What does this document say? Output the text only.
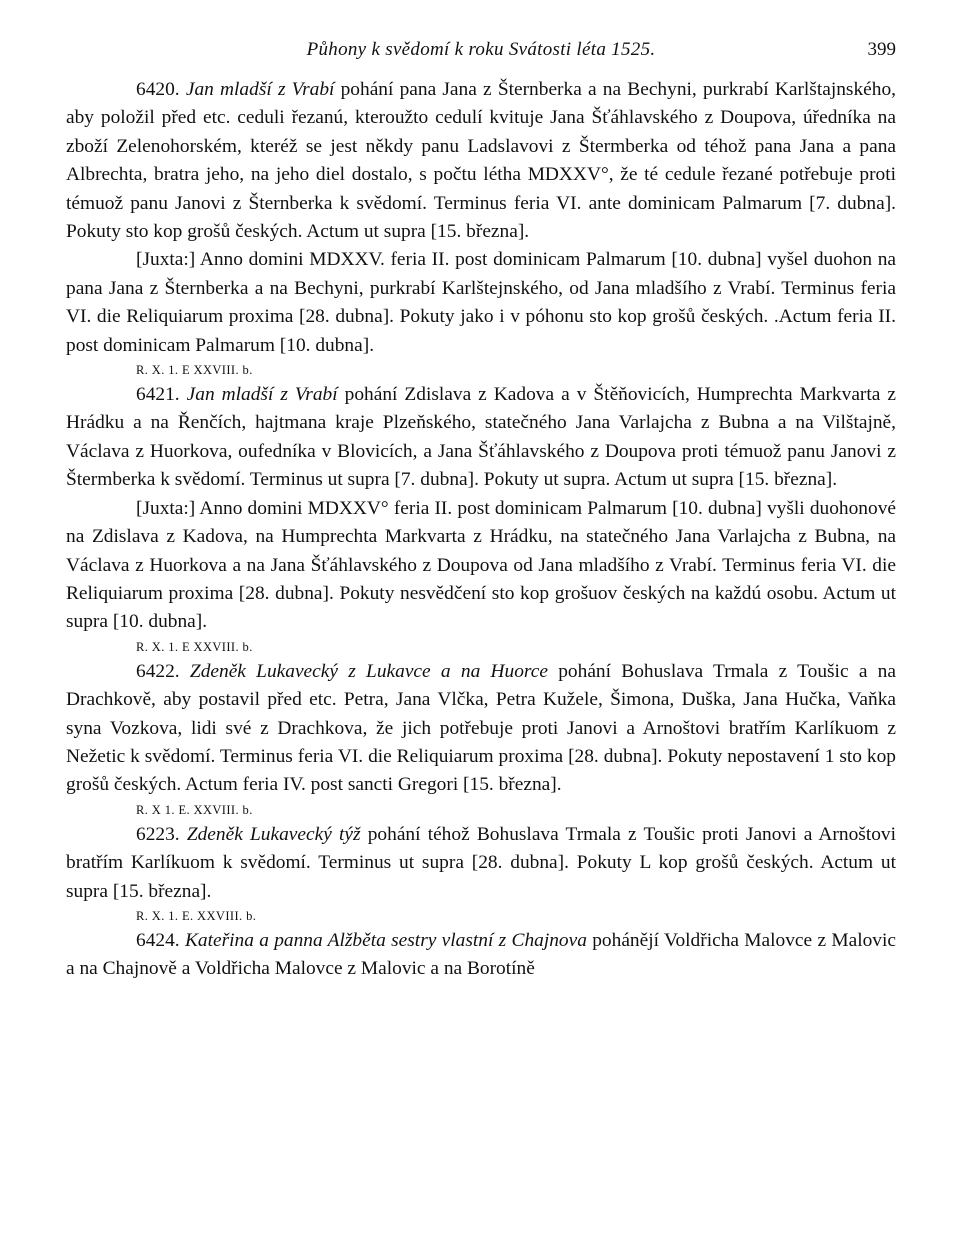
Půhony k svědomí k roku Svátosti léta 1525.	399

6420. Jan mladší z Vrabí pohání pana Jana z Šternberka a na Bechyni, purkrabí Karlštajnského, aby položil před etc. ceduli řezanú, kteroužto cedulí kvituje Jana Šťáhlavského z Doupova, úředníka na zboží Zelenohorském, kteréž se jest někdy panu Ladslavovi z Štermberka od téhož pana Jana a pana Albrechta, bratra jeho, na jeho diel dostalo, s počtu létha MDXXV°, že té cedule řezané potřebuje proti témuož panu Janovi z Šternberka k svědomí. Terminus feria VI. ante dominicam Palmarum [7. dubna]. Pokuty sto kop grošů českých. Actum ut supra [15. března].

[Juxta:] Anno domini MDXXV. feria II. post dominicam Palmarum [10. dubna] vyšel duohon na pana Jana z Šternberka a na Bechyni, purkrabí Karlštejnského, od Jana mladšího z Vrabí. Terminus feria VI. die Reliquiarum proxima [28. dubna]. Pokuty jako i v póhonu sto kop grošů českých. .Actum feria II. post dominicam Palmarum [10. dubna].

R. X. 1. E XXVIII. b.

6421. Jan mladší z Vrabí pohání Zdislava z Kadova a v Štěňovicích, Humprechta Markvarta z Hrádku a na Řenčích, hajtmana kraje Plzeňského, statečného Jana Varlajcha z Bubna a na Vilštajně, Václava z Huorkova, oufedníka v Blovicích, a Jana Šťáhlavského z Doupova proti témuož panu Janovi z Štermberka k svědomí. Terminus ut supra [7. dubna]. Pokuty ut supra. Actum ut supra [15. března].

[Juxta:] Anno domini MDXXV° feria II. post dominicam Palmarum [10. dubna] vyšli duohonové na Zdislava z Kadova, na Humprechta Markvarta z Hrádku, na statečného Jana Varlajcha z Bubna, na Václava z Huorkova a na Jana Šťáhlavského z Doupova od Jana mladšího z Vrabí. Terminus feria VI. die Reliquiarum proxima [28. dubna]. Pokuty nesvědčení sto kop grošuov českých na každú osobu. Actum ut supra [10. dubna].

R. X. 1. E XXVIII. b.

6422. Zdeněk Lukavecký z Lukavce a na Huorce pohání Bohuslava Trmala z Toušic a na Drachkově, aby postavil před etc. Petra, Jana Vlčka, Petra Kužele, Šimona, Duška, Jana Hučka, Vaňka syna Vozkova, lidi své z Drachkova, že jich potřebuje proti Janovi a Arnoštovi bratřím Karlíkuom z Nežetic k svědomí. Terminus feria VI. die Reliquiarum proxima [28. dubna]. Pokuty nepostavení 1 sto kop grošů českých. Actum feria IV. post sancti Gregori [15. března].

R. X 1. E. XXVIII. b.

6223. Zdeněk Lukavecký týž pohání téhož Bohuslava Trmala z Toušic proti Janovi a Arnoštovi bratřím Karlíkuom k svědomí. Terminus ut supra [28. dubna]. Pokuty L kop grošů českých. Actum ut supra [15. března].

R. X. 1. E. XXVIII. b.

6424. Kateřina a panna Alžběta sestry vlastní z Chajnova pohánějí Voldřicha Malovce z Malovic a na Chajnově a Voldřicha Malovce z Malovic a na Borotíně
